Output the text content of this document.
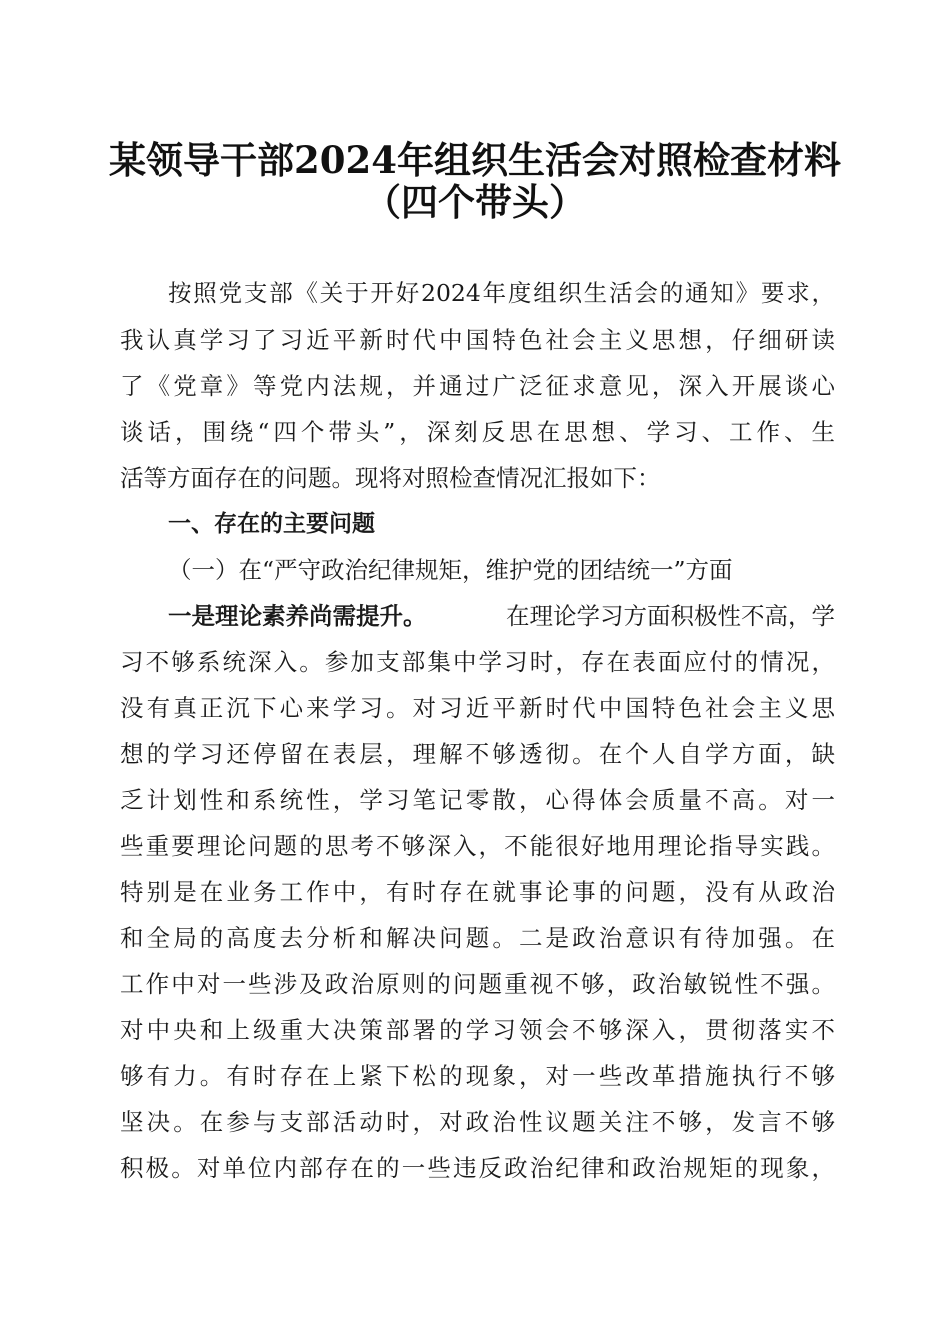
某领导干部2024年组织生活会对照检查材料
（四个带头）
按照党支部《关于开好2024年度组织生活会的通知》要求，
我认真学习了习近平新时代中国特色社会主义思想，仔细研读
了《党章》等党内法规，并通过广泛征求意见，深入开展谈心
谈话，围绕“四个带头”，深刻反思在思想、学习、工作、生
活等方面存在的问题。现将对照检查情况汇报如下：
一、存在的主要问题
（一）在“严守政治纪律规矩，维护党的团结统一”方面
一是理论素养尚需提升。	在理论学习方面积极性不高，学
习不够系统深入。参加支部集中学习时，存在表面应付的情况，
没有真正沉下心来学习。对习近平新时代中国特色社会主义思
想的学习还停留在表层，理解不够透彻。在个人自学方面，缺
乏计划性和系统性，学习笔记零散，心得体会质量不高。对一
些重要理论问题的思考不够深入，不能很好地用理论指导实践。
特别是在业务工作中，有时存在就事论事的问题，没有从政治
和全局的高度去分析和解决问题。二是政治意识有待加强。在
工作中对一些涉及政治原则的问题重视不够，政治敏锐性不强。
对中央和上级重大决策部署的学习领会不够深入，贯彻落实不
够有力。有时存在上紧下松的现象，对一些改革措施执行不够
坚决。在参与支部活动时，对政治性议题关注不够，发言不够
积极。对单位内部存在的一些违反政治纪律和政治规矩的现象，
